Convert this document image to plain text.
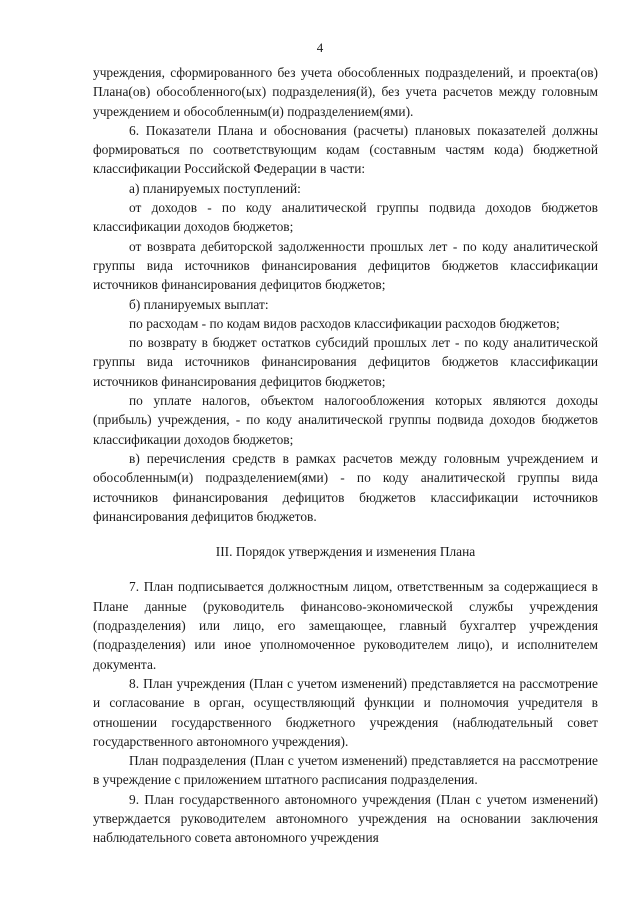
4

учреждения, сформированного без учета обособленных подразделений, и проекта(ов) Плана(ов) обособленного(ых) подразделения(й), без учета расчетов между головным учреждением и обособленным(и) подразделением(ями).

6. Показатели Плана и обоснования (расчеты) плановых показателей должны формироваться по соответствующим кодам (составным частям кода) бюджетной классификации Российской Федерации в части:

а) планируемых поступлений:

от доходов - по коду аналитической группы подвида доходов бюджетов классификации доходов бюджетов;

от возврата дебиторской задолженности прошлых лет - по коду аналитической группы вида источников финансирования дефицитов бюджетов классификации источников финансирования дефицитов бюджетов;

б) планируемых выплат:

по расходам - по кодам видов расходов классификации расходов бюджетов;

по возврату в бюджет остатков субсидий прошлых лет - по коду аналитической группы вида источников финансирования дефицитов бюджетов классификации источников финансирования дефицитов бюджетов;

по уплате налогов, объектом налогообложения которых являются доходы (прибыль) учреждения, - по коду аналитической группы подвида доходов бюджетов классификации доходов бюджетов;

в) перечисления средств в рамках расчетов между головным учреждением и обособленным(и) подразделением(ями) - по коду аналитической группы вида источников финансирования дефицитов бюджетов классификации источников финансирования дефицитов бюджетов.

III. Порядок утверждения и изменения Плана

7. План подписывается должностным лицом, ответственным за содержащиеся в Плане данные (руководитель финансово-экономической службы учреждения (подразделения) или лицо, его замещающее, главный бухгалтер учреждения (подразделения) или иное уполномоченное руководителем лицо), и исполнителем документа.

8. План учреждения (План с учетом изменений) представляется на рассмотрение и согласование в орган, осуществляющий функции и полномочия учредителя в отношении государственного бюджетного учреждения (наблюдательный совет государственного автономного учреждения).

План подразделения (План с учетом изменений) представляется на рассмотрение в учреждение с приложением штатного расписания подразделения.

9. План государственного автономного учреждения (План с учетом изменений) утверждается руководителем автономного учреждения на основании заключения наблюдательного совета автономного учреждения
